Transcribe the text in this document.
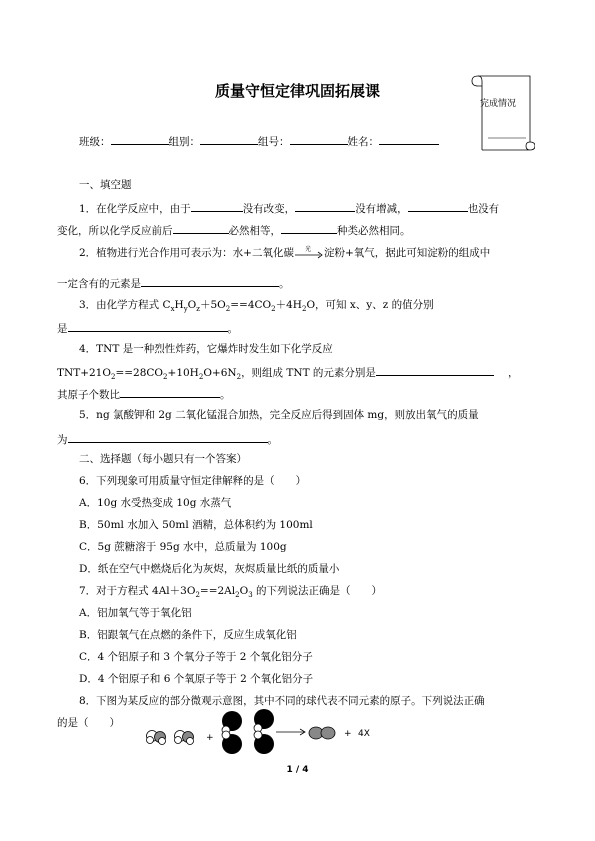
质量守恒定律巩固拓展课
完成情况
班级：	组别：	组号：	姓名：
一、填空题
1．在化学反应中，由于	没有改变，	没有增减，	也没有
变化，所以化学反应前后	必然相等，	种类必然相同。
2．植物进行光合作用可表示为：水+二氧化碳 光 淀粉+氧气，据此可知淀粉的组成中
一定含有的元素是	。
3．由化学方程式 $C_xH_yO_z+5O_2==4CO_2+4H_2O$，可知 x、y、z 的值分别
是	。
4．TNT 是一种烈性炸药，它爆炸时发生如下化学反应
$TNT+21O_2==28CO_2+10H_2O+6N_2$，则组成 TNT 的元素分别是	，
其原子个数比	。
5．ng 氯酸钾和 2g 二氧化锰混合加热，完全反应后得到固体 mg，则放出氧气的质量
为	。
二、选择题（每小题只有一个答案）
6．下列现象可用质量守恒定律解释的是（　　）
A．10g 水受热变成 10g 水蒸气
B．50ml 水加入 50ml 酒精，总体积约为 100ml
C．5g 蔗糖溶于 95g 水中，总质量为 100g
D．纸在空气中燃烧后化为灰烬，灰烬质量比纸的质量小
7．对于方程式 $4Al+3O_2==2Al_2O_3$ 的下列说法正确是（　　）
A．铝加氧气等于氧化铝
B．铝跟氧气在点燃的条件下，反应生成氧化铝
C．4 个铝原子和 3 个氧分子等于 2 个氧化铝分子
D．4 个铝原子和 6 个氧原子等于 2 个氧化铝分子
8．下图为某反应的部分微观示意图，其中不同的球代表不同元素的原子。下列说法正确
的是（　　）
+	+ 4X
1 / 4
